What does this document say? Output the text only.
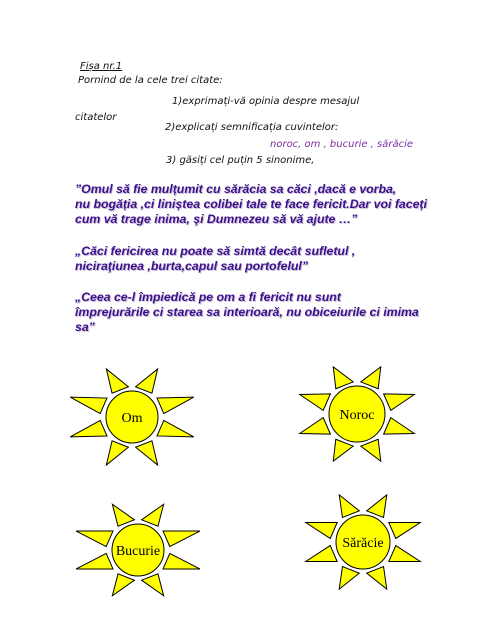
Fișa nr.1
Pornind de la cele trei citate:
1)exprimați-vă opinia despre mesajul
citatelor
2)explicați semnificația cuvintelor:
noroc, om , bucurie , sărăcie
3) găsiți cel puțin 5 sinonime,
”Omul să fie mulțumit cu sărăcia sa căci ,dacă e vorba,
nu bogăția ,ci liniștea colibei tale te face fericit.Dar voi faceți
cum vă trage inima, şi Dumnezeu să vă ajute …”
„Căci fericirea nu poate să simtă decât sufletul ,
niciraţiunea ,burta,capul sau portofelul”
„Ceea ce-l împiedică pe om a fi fericit nu sunt
împrejurările ci starea sa interioară, nu obiceiurile ci imima
sa”
Om	Noroc
Bucurie
Sărăcie
